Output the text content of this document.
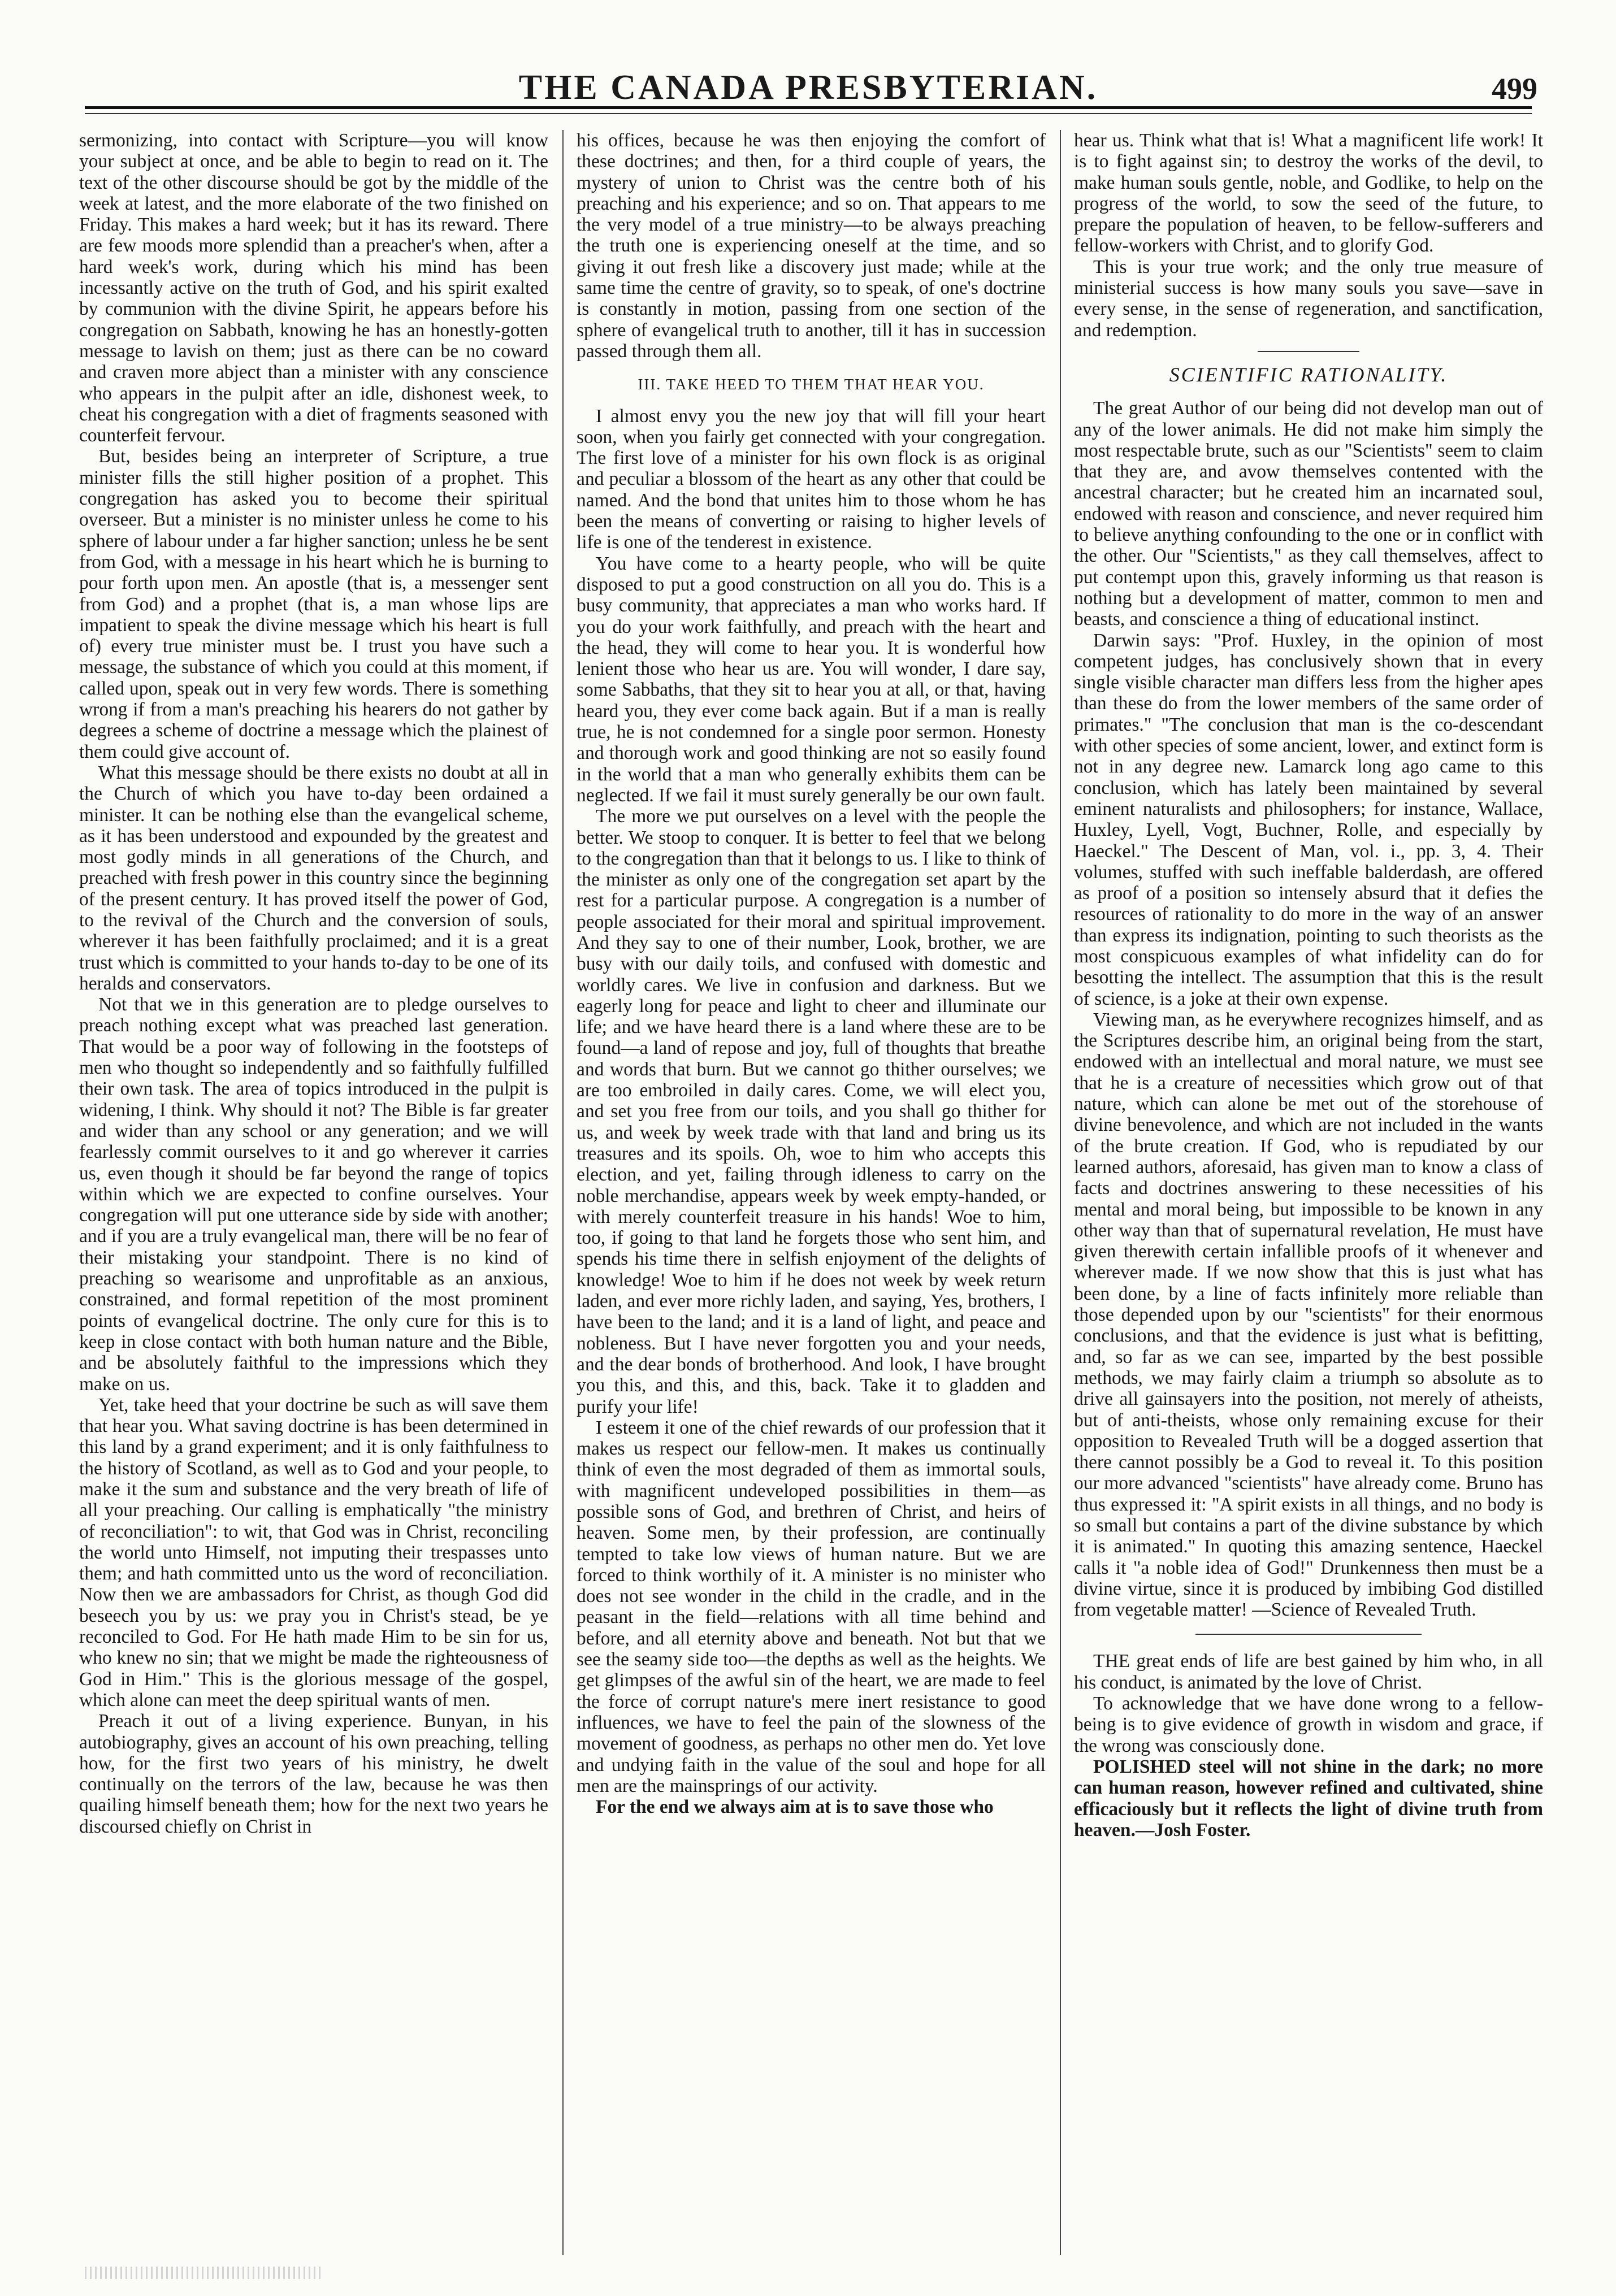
THE CANADA PRESBYTERIAN.	499

sermonizing, into contact with Scripture—you will know your subject at once, and be able to begin to read on it. The text of the other discourse should be got by the middle of the week at latest, and the more elaborate of the two finished on Friday. This makes a hard week; but it has its reward. There are few moods more splendid than a preacher's when, after a hard week's work, during which his mind has been incessantly active on the truth of God, and his spirit exalted by communion with the divine Spirit, he appears before his congregation on Sabbath, knowing he has an honestly-gotten message to lavish on them; just as there can be no coward and craven more abject than a minister with any conscience who appears in the pulpit after an idle, dishonest week, to cheat his congregation with a diet of fragments seasoned with counterfeit fervour.

But, besides being an interpreter of Scripture, a true minister fills the still higher position of a prophet. This congregation has asked you to become their spiritual overseer. But a minister is no minister unless he come to his sphere of labour under a far higher sanction; unless he be sent from God, with a message in his heart which he is burning to pour forth upon men. An apostle (that is, a messenger sent from God) and a prophet (that is, a man whose lips are impatient to speak the divine message which his heart is full of) every true minister must be. I trust you have such a message, the substance of which you could at this moment, if called upon, speak out in very few words. There is something wrong if from a man's preaching his hearers do not gather by degrees a scheme of doctrine a message which the plainest of them could give account of.

What this message should be there exists no doubt at all in the Church of which you have to-day been ordained a minister. It can be nothing else than the evangelical scheme, as it has been understood and expounded by the greatest and most godly minds in all generations of the Church, and preached with fresh power in this country since the beginning of the present century. It has proved itself the power of God, to the revival of the Church and the conversion of souls, wherever it has been faithfully proclaimed; and it is a great trust which is committed to your hands to-day to be one of its heralds and conservators.

Not that we in this generation are to pledge ourselves to preach nothing except what was preached last generation. That would be a poor way of following in the footsteps of men who thought so independently and so faithfully fulfilled their own task. The area of topics introduced in the pulpit is widening, I think. Why should it not? The Bible is far greater and wider than any school or any generation; and we will fearlessly commit ourselves to it and go wherever it carries us, even though it should be far beyond the range of topics within which we are expected to confine ourselves. Your congregation will put one utterance side by side with another; and if you are a truly evangelical man, there will be no fear of their mistaking your standpoint. There is no kind of preaching so wearisome and unprofitable as an anxious, constrained, and formal repetition of the most prominent points of evangelical doctrine. The only cure for this is to keep in close contact with both human nature and the Bible, and be absolutely faithful to the impressions which they make on us.

Yet, take heed that your doctrine be such as will save them that hear you. What saving doctrine is has been determined in this land by a grand experiment; and it is only faithfulness to the history of Scotland, as well as to God and your people, to make it the sum and substance and the very breath of life of all your preaching. Our calling is emphatically "the ministry of reconciliation": to wit, that God was in Christ, reconciling the world unto Himself, not imputing their trespasses unto them; and hath committed unto us the word of reconciliation. Now then we are ambassadors for Christ, as though God did beseech you by us: we pray you in Christ's stead, be ye reconciled to God. For He hath made Him to be sin for us, who knew no sin; that we might be made the righteousness of God in Him." This is the glorious message of the gospel, which alone can meet the deep spiritual wants of men.

Preach it out of a living experience. Bunyan, in his autobiography, gives an account of his own preaching, telling how, for the first two years of his ministry, he dwelt continually on the terrors of the law, because he was then quailing himself beneath them; how for the next two years he discoursed chiefly on Christ in

his offices, because he was then enjoying the comfort of these doctrines; and then, for a third couple of years, the mystery of union to Christ was the centre both of his preaching and his experience; and so on. That appears to me the very model of a true ministry—to be always preaching the truth one is experiencing oneself at the time, and so giving it out fresh like a discovery just made; while at the same time the centre of gravity, so to speak, of one's doctrine is constantly in motion, passing from one section of the sphere of evangelical truth to another, till it has in succession passed through them all.

III. TAKE HEED TO THEM THAT HEAR YOU.

I almost envy you the new joy that will fill your heart soon, when you fairly get connected with your congregation. The first love of a minister for his own flock is as original and peculiar a blossom of the heart as any other that could be named. And the bond that unites him to those whom he has been the means of converting or raising to higher levels of life is one of the tenderest in existence.

You have come to a hearty people, who will be quite disposed to put a good construction on all you do. This is a busy community, that appreciates a man who works hard. If you do your work faithfully, and preach with the heart and the head, they will come to hear you. It is wonderful how lenient those who hear us are. You will wonder, I dare say, some Sabbaths, that they sit to hear you at all, or that, having heard you, they ever come back again. But if a man is really true, he is not condemned for a single poor sermon. Honesty and thorough work and good thinking are not so easily found in the world that a man who generally exhibits them can be neglected. If we fail it must surely generally be our own fault.

The more we put ourselves on a level with the people the better. We stoop to conquer. It is better to feel that we belong to the congregation than that it belongs to us. I like to think of the minister as only one of the congregation set apart by the rest for a particular purpose. A congregation is a number of people associated for their moral and spiritual improvement. And they say to one of their number, Look, brother, we are busy with our daily toils, and confused with domestic and worldly cares. We live in confusion and darkness. But we eagerly long for peace and light to cheer and illuminate our life; and we have heard there is a land where these are to be found—a land of repose and joy, full of thoughts that breathe and words that burn. But we cannot go thither ourselves; we are too embroiled in daily cares. Come, we will elect you, and set you free from our toils, and you shall go thither for us, and week by week trade with that land and bring us its treasures and its spoils. Oh, woe to him who accepts this election, and yet, failing through idleness to carry on the noble merchandise, appears week by week empty-handed, or with merely counterfeit treasure in his hands! Woe to him, too, if going to that land he forgets those who sent him, and spends his time there in selfish enjoyment of the delights of knowledge! Woe to him if he does not week by week return laden, and ever more richly laden, and saying, Yes, brothers, I have been to the land; and it is a land of light, and peace and nobleness. But I have never forgotten you and your needs, and the dear bonds of brotherhood. And look, I have brought you this, and this, and this, back. Take it to gladden and purify your life!

I esteem it one of the chief rewards of our profession that it makes us respect our fellow-men. It makes us continually think of even the most degraded of them as immortal souls, with magnificent undeveloped possibilities in them—as possible sons of God, and brethren of Christ, and heirs of heaven. Some men, by their profession, are continually tempted to take low views of human nature. But we are forced to think worthily of it. A minister is no minister who does not see wonder in the child in the cradle, and in the peasant in the field—relations with all time behind and before, and all eternity above and beneath. Not but that we see the seamy side too—the depths as well as the heights. We get glimpses of the awful sin of the heart, we are made to feel the force of corrupt nature's mere inert resistance to good influences, we have to feel the pain of the slowness of the movement of goodness, as perhaps no other men do. Yet love and undying faith in the value of the soul and hope for all men are the mainsprings of our activity.

For the end we always aim at is to save those who

hear us. Think what that is! What a magnificent life work! It is to fight against sin; to destroy the works of the devil, to make human souls gentle, noble, and Godlike, to help on the progress of the world, to sow the seed of the future, to prepare the population of heaven, to be fellow-sufferers and fellow-workers with Christ, and to glorify God.

This is your true work; and the only true measure of ministerial success is how many souls you save—save in every sense, in the sense of regeneration, and sanctification, and redemption.

SCIENTIFIC RATIONALITY.

The great Author of our being did not develop man out of any of the lower animals. He did not make him simply the most respectable brute, such as our "Scientists" seem to claim that they are, and avow themselves contented with the ancestral character; but he created him an incarnated soul, endowed with reason and conscience, and never required him to believe anything confounding to the one or in conflict with the other. Our "Scientists," as they call themselves, affect to put contempt upon this, gravely informing us that reason is nothing but a development of matter, common to men and beasts, and conscience a thing of educational instinct.

Darwin says: "Prof. Huxley, in the opinion of most competent judges, has conclusively shown that in every single visible character man differs less from the higher apes than these do from the lower members of the same order of primates." "The conclusion that man is the co-descendant with other species of some ancient, lower, and extinct form is not in any degree new. Lamarck long ago came to this conclusion, which has lately been maintained by several eminent naturalists and philosophers; for instance, Wallace, Huxley, Lyell, Vogt, Buchner, Rolle, and especially by Haeckel." The Descent of Man, vol. i., pp. 3, 4. Their volumes, stuffed with such ineffable balderdash, are offered as proof of a position so intensely absurd that it defies the resources of rationality to do more in the way of an answer than express its indignation, pointing to such theorists as the most conspicuous examples of what infidelity can do for besotting the intellect. The assumption that this is the result of science, is a joke at their own expense.

Viewing man, as he everywhere recognizes himself, and as the Scriptures describe him, an original being from the start, endowed with an intellectual and moral nature, we must see that he is a creature of necessities which grow out of that nature, which can alone be met out of the storehouse of divine benevolence, and which are not included in the wants of the brute creation. If God, who is repudiated by our learned authors, aforesaid, has given man to know a class of facts and doctrines answering to these necessities of his mental and moral being, but impossible to be known in any other way than that of supernatural revelation, He must have given therewith certain infallible proofs of it whenever and wherever made. If we now show that this is just what has been done, by a line of facts infinitely more reliable than those depended upon by our "scientists" for their enormous conclusions, and that the evidence is just what is befitting, and, so far as we can see, imparted by the best possible methods, we may fairly claim a triumph so absolute as to drive all gainsayers into the position, not merely of atheists, but of anti-theists, whose only remaining excuse for their opposition to Revealed Truth will be a dogged assertion that there cannot possibly be a God to reveal it. To this position our more advanced "scientists" have already come. Bruno has thus expressed it: "A spirit exists in all things, and no body is so small but contains a part of the divine substance by which it is animated." In quoting this amazing sentence, Haeckel calls it "a noble idea of God!" Drunkenness then must be a divine virtue, since it is produced by imbibing God distilled from vegetable matter! —Science of Revealed Truth.

THE great ends of life are best gained by him who, in all his conduct, is animated by the love of Christ.

To acknowledge that we have done wrong to a fellow-being is to give evidence of growth in wisdom and grace, if the wrong was consciously done.

POLISHED steel will not shine in the dark; no more can human reason, however refined and cultivated, shine efficaciously but it reflects the light of divine truth from heaven.—Josh Foster.
